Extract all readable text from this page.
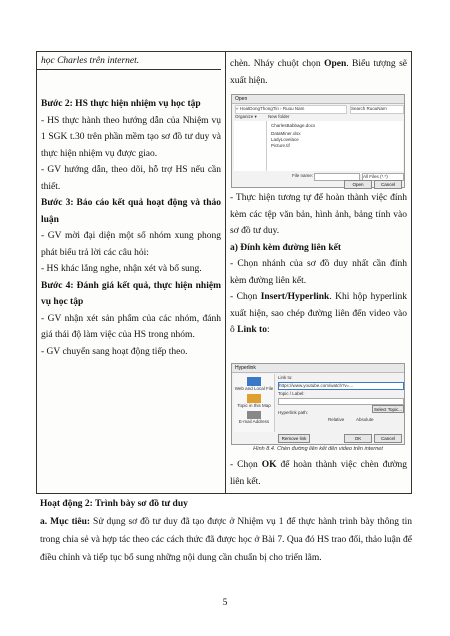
học Charles trên internet.

Bước 2: HS thực hiện nhiệm vụ học tập

- HS thực hành theo hướng dẫn của Nhiệm vụ 1 SGK t.30 trên phần mềm tạo sơ đồ tư duy và thực hiện nhiệm vụ được giao.

- GV hướng dẫn, theo dõi, hỗ trợ HS nếu cần thiết.

Bước 3: Báo cáo kết quả hoạt động và thảo luận

- GV mời đại diện một số nhóm xung phong phát biểu trả lời các câu hỏi:

- HS khác lắng nghe, nhận xét và bổ sung.

Bước 4: Đánh giá kết quả, thực hiện nhiệm vụ học tập

- GV nhận xét sản phẩm của các nhóm, đánh giá thái độ làm việc của HS trong nhóm.

- GV chuyển sang hoạt động tiếp theo.

chèn. Nháy chuột chọn Open. Biểu tượng sẽ xuất hiện.

Open
« HoatDongThongTin › Ruou Nam	Search RuouNam
Organize ▾ New folder
CharlesBabbage.docx
DataMiner.xlsx
LadyLovelace
Picture.tif
File name:	All Files (*.*)
Open	Cancel

- Thực hiện tương tự để hoàn thành việc đính kèm các tệp văn bản, hình ảnh, bảng tính vào sơ đồ tư duy.

a) Đính kèm đường liên kết

- Chọn nhánh của sơ đồ duy nhất cần đính kèm đường liên kết.

- Chọn Insert/Hyperlink. Khi hộp hyperlink xuất hiện, sao chép đường liên đến video vào ô Link to:

Hyperlink
Web and Local File
Topic in this Map
E-mail Address
Link to:
https://www.youtube.com/watch?v=...
Topic / Label:
Select Topic...
Hyperlink path:
Relative	Absolute
Remove link	OK	Cancel
Hình 8.4. Chèn đường liên kết đến video trên internet

- Chọn OK để hoàn thành việc chèn đường liên kết.

Hoạt động 2: Trình bày sơ đồ tư duy

a. Mục tiêu: Sử dụng sơ đồ tư duy đã tạo được ở Nhiệm vụ 1 để thực hành trình bày thông tin trong chia sẻ và hợp tác theo các cách thức đã được học ở Bài 7. Qua đó HS trao đổi, thảo luận để điều chỉnh và tiếp tục bổ sung những nội dung cần chuẩn bị cho triển lãm.

5
